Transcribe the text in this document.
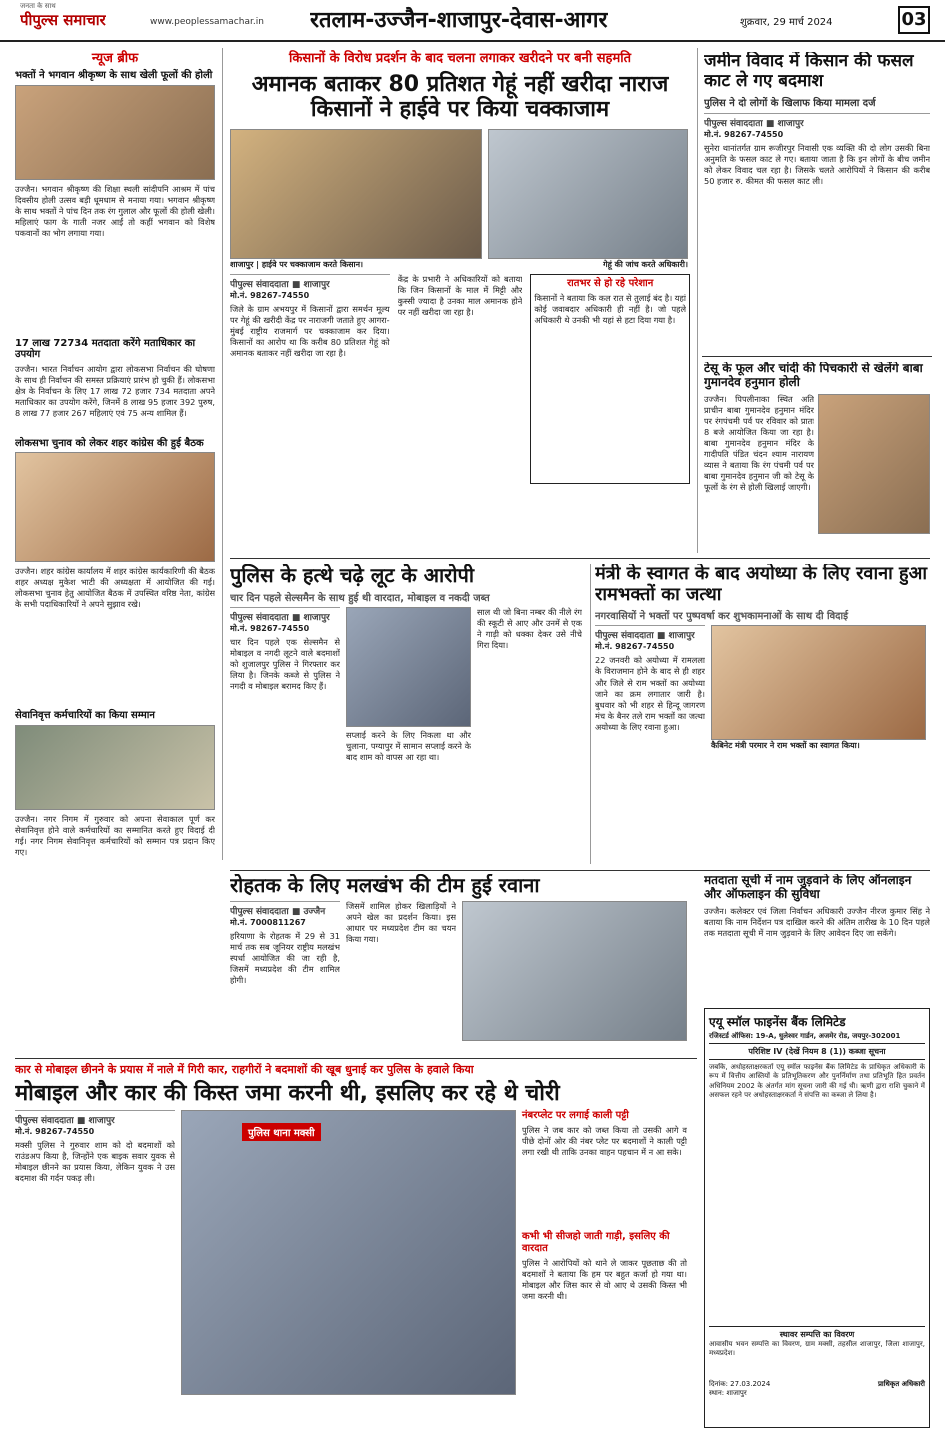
जनता के साथ
पीपुल्स समाचार	www.peoplessamachar.in रतलाम-उज्जैन-शाजापुर-देवास-आगर	शुक्रवार, 29 मार्च 2024	03
न्यूज ब्रीफ
भक्तों ने भगवान श्रीकृष्ण के साथ खेली फूलों की होली
उज्जैन। भगवान श्रीकृष्ण की शिक्षा स्थली सांदीपनि आश्रम में पांच दिवसीय होली उत्सव बड़ी धूमधाम से मनाया गया। भगवान श्रीकृष्ण के साथ भक्तों ने पांच दिन तक रंग गुलाल और फूलों की होली खेली। महिलाएं फाग के गाती नजर आईं तो कहीं भगवान को विशेष पकवानों का भोग लगाया गया।
17 लाख 72734 मतदाता करेंगे मताधिकार का उपयोग
उज्जैन। भारत निर्वाचन आयोग द्वारा लोकसभा निर्वाचन की घोषणा के साथ ही निर्वाचन की समस्त प्रक्रियाएं प्रारंभ हो चुकी हैं। लोकसभा क्षेत्र के निर्वाचन के लिए 17 लाख 72 हजार 734 मतदाता अपने मताधिकार का उपयोग करेंगे, जिनमें 8 लाख 95 हजार 392 पुरुष, 8 लाख 77 हजार 267 महिलाएं एवं 75 अन्य शामिल हैं।
लोकसभा चुनाव को लेकर शहर कांग्रेस की हुई बैठक
उज्जैन। शहर कांग्रेस कार्यालय में शहर कांग्रेस कार्यकारिणी की बैठक शहर अध्यक्ष मुकेश भाटी की अध्यक्षता में आयोजित की गई। लोकसभा चुनाव हेतु आयोजित बैठक में उपस्थित वरिष्ठ नेता, कांग्रेस के सभी पदाधिकारियों ने अपने सुझाव रखे।
सेवानिवृत्त कर्मचारियों का किया सम्मान
उज्जैन। नगर निगम में गुरुवार को अपना सेवाकाल पूर्ण कर सेवानिवृत्त होने वाले कर्मचारियों का सम्मानित करते हुए विदाई दी गई। नगर निगम सेवानिवृत्त कर्मचारियों को सम्मान पत्र प्रदान किए गए।
किसानों के विरोध प्रदर्शन के बाद चलना लगाकर खरीदने पर बनी सहमति
अमानक बताकर 80 प्रतिशत गेहूं नहीं खरीदा नाराज किसानों ने हाईवे पर किया चक्काजाम
शाजापुर | हाईवे पर चक्काजाम करते किसान।	गेहूं की जांच करते अधिकारी।
पीपुल्स संवाददाता ■ शाजापुर
मो.नं. 98267-74550
जिले के ग्राम अभयपुर में किसानों द्वारा समर्थन मूल्य पर गेहूं की खरीदी केंद्र पर नाराजगी जताते हुए आगरा-मुंबई राष्ट्रीय राजमार्ग पर चक्काजाम कर दिया। किसानों का आरोप था कि करीब 80 प्रतिशत गेहूं को अमानक बताकर नहीं खरीदा जा रहा है।
केंद्र के प्रभारी ने अधिकारियों को बताया कि जिन किसानों के माल में मिट्टी और कुस्सी ज्यादा है उनका माल अमानक होने पर नहीं खरीदा जा रहा है।
रातभर से हो रहे परेशान
किसानों ने बताया कि कल रात से तुलाई बंद है। यहां कोई जवाबदार अधिकारी ही नहीं है। जो पहले अधिकारी थे उनकी भी यहां से हटा दिया गया है।
जमीन विवाद में किसान की फसल काट ले गए बदमाश
पुलिस ने दो लोगों के खिलाफ किया मामला दर्ज
पीपुल्स संवाददाता ■ शाजापुर
मो.नं. 98267-74550
सुनेरा थानांतर्गत ग्राम रूजीरपुर निवासी एक व्यक्ति की दो लोग उसकी बिना अनुमति के फसल काट ले गए। बताया जाता है कि इन लोगों के बीच जमीन को लेकर विवाद चल रहा है। जिसके चलते आरोपियों ने किसान की करीब 50 हजार रु. कीमत की फसल काट ली।
टेसू के फूल और चांदी की पिचकारी से खेलेंगे बाबा गुमानदेव हनुमान होली
उज्जैन। पिपलीनाका स्थित अति प्राचीन बाबा गुमानदेव हनुमान मंदिर पर रंगपंचमी पर्व पर रविवार को प्रातः 8 बजे आयोजित किया जा रहा है। बाबा गुमानदेव हनुमान मंदिर के गादीपति पंडित चंदन श्याम नारायण व्यास ने बताया कि रंग पंचमी पर्व पर बाबा गुमानदेव हनुमान जी को टेसू के फूलों के रंग से होली खिलाई जाएगी।
पुलिस के हत्थे चढ़े लूट के आरोपी
चार दिन पहले सेल्समैन के साथ हुई थी वारदात, मोबाइल व नकदी जब्त
पीपुल्स संवाददाता ■ शाजापुर
मो.नं. 98267-74550
चार दिन पहले एक सेल्समैन से मोबाइल व नगदी लूटने वाले बदमाशों को शुजालपुर पुलिस ने गिरफ्तार कर लिया है। जिनके कब्जे से पुलिस ने नगदी व मोबाइल बरामद किए हैं।
सप्लाई करने के लिए निकला था और चुलाना, पग्यापुर में सामान सप्लाई करने के बाद शाम को वापस आ रहा था।
साल थी जो बिना नम्बर की नीले रंग की स्कूटी से आए और उनमें से एक ने गाड़ी को धक्का देकर उसे नीचे गिरा दिया।
मंत्री के स्वागत के बाद अयोध्या के लिए रवाना हुआ रामभक्तों का जत्था
नगरवासियों ने भक्तों पर पुष्पवर्षा कर शुभकामनाओं के साथ दी विदाई
पीपुल्स संवाददाता ■ शाजापुर
मो.नं. 98267-74550
22 जनवरी को अयोध्या में रामलला के विराजमान होने के बाद से ही शहर और जिले से राम भक्तों का अयोध्या जाने का क्रम लगातार जारी है। बुधवार को भी शहर से हिन्दू जागरण मंच के बैनर तले राम भक्तों का जत्था अयोध्या के लिए रवाना हुआ।
कैबिनेट मंत्री परमार ने राम भक्तों का स्वागत किया।
रोहतक के लिए मलखंभ की टीम हुई रवाना
पीपुल्स संवाददाता ■ उज्जैन
मो.नं. 7000811267
हरियाणा के रोहतक में 29 से 31 मार्च तक सब जूनियर राष्ट्रीय मलखंभ स्पर्धा आयोजित की जा रही है, जिसमें मध्यप्रदेश की टीम शामिल होगी।
जिसमें शामिल होकर खिलाड़ियों ने अपने खेल का प्रदर्शन किया। इस आधार पर मध्यप्रदेश टीम का चयन किया गया।
मतदाता सूची में नाम जुड़वाने के लिए ऑनलाइन और ऑफलाइन की सुविधा
उज्जैन। कलेक्टर एवं जिला निर्वाचन अधिकारी उज्जैन नीरज कुमार सिंह ने बताया कि नाम निर्देशन पत्र दाखिल करने की अंतिम तारीख के 10 दिन पहले तक मतदाता सूची में नाम जुड़वाने के लिए आवेदन दिए जा सकेंगे।
एयू स्मॉल फाइनेंस बैंक लिमिटेड
रजिस्टर्ड ऑफिस: 19-A, धुलेश्वर गार्डन, अजमेर रोड, जयपुर-302001
परिशिष्ट IV (देखें नियम 8 (1)) कब्जा सूचना
जबकि, अधोहस्ताक्षरकर्ता एयू स्मॉल फाइनेंस बैंक लिमिटेड के प्राधिकृत अधिकारी के रूप में वित्तीय आस्तियों के प्रतिभूतिकरण और पुनर्निर्माण तथा प्रतिभूति हित प्रवर्तन अधिनियम 2002 के अंतर्गत मांग सूचना जारी की गई थी। ऋणी द्वारा राशि चुकाने में असफल रहने पर अधोहस्ताक्षरकर्ता ने संपत्ति का कब्जा ले लिया है।
स्थावर सम्पत्ति का विवरण
आवासीय भवन सम्पत्ति का विवरण, ग्राम मक्सी, तहसील शाजापुर, जिला शाजापुर, मध्यप्रदेश।
दिनांक: 27.03.2024
स्थान: शाजापुर
प्राधिकृत अधिकारी
कार से मोबाइल छीनने के प्रयास में नाले में गिरी कार, राहगीरों ने बदमाशों की खूब धुनाई कर पुलिस के हवाले किया
मोबाइल और कार की किस्त जमा करनी थी, इसलिए कर रहे थे चोरी
पीपुल्स संवाददाता ■ शाजापुर
मो.नं. 98267-74550
मक्सी पुलिस ने गुरुवार शाम को दो बदमाशों को राउंडअप किया है, जिन्होंने एक बाइक सवार युवक से मोबाइल छीनने का प्रयास किया, लेकिन युवक ने उस बदमाश की गर्दन पकड़ ली।
पुलिस थाना मक्सी
नंबरप्लेट पर लगाई काली पट्टी
पुलिस ने जब कार को जब्त किया तो उसकी आगे व पीछे दोनों ओर की नंबर प्लेट पर बदमाशों ने काली पट्टी लगा रखी थी ताकि उनका वाहन पहचान में न आ सके।
कभी भी सीजहो जाती गाड़ी, इसलिए की वारदात
पुलिस ने आरोपियों को थाने ले जाकर पूछताछ की तो बदमाशों ने बताया कि हम पर बहुत कर्जा हो गया था। मोबाइल और जिस कार से वो आए थे उसकी किस्त भी जमा करनी थी।
